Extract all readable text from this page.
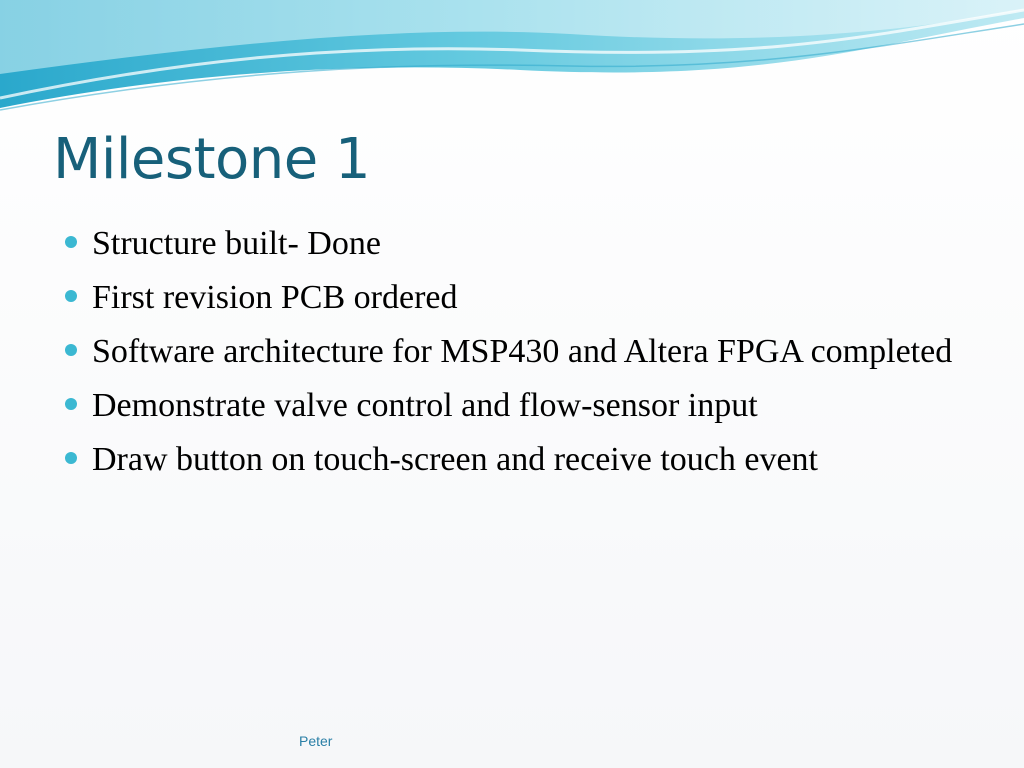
Milestone 1
Structure built- Done
First revision PCB ordered
Software architecture for MSP430 and Altera FPGA completed
Demonstrate valve control and flow-sensor input
Draw button on touch-screen and receive touch event
Peter
